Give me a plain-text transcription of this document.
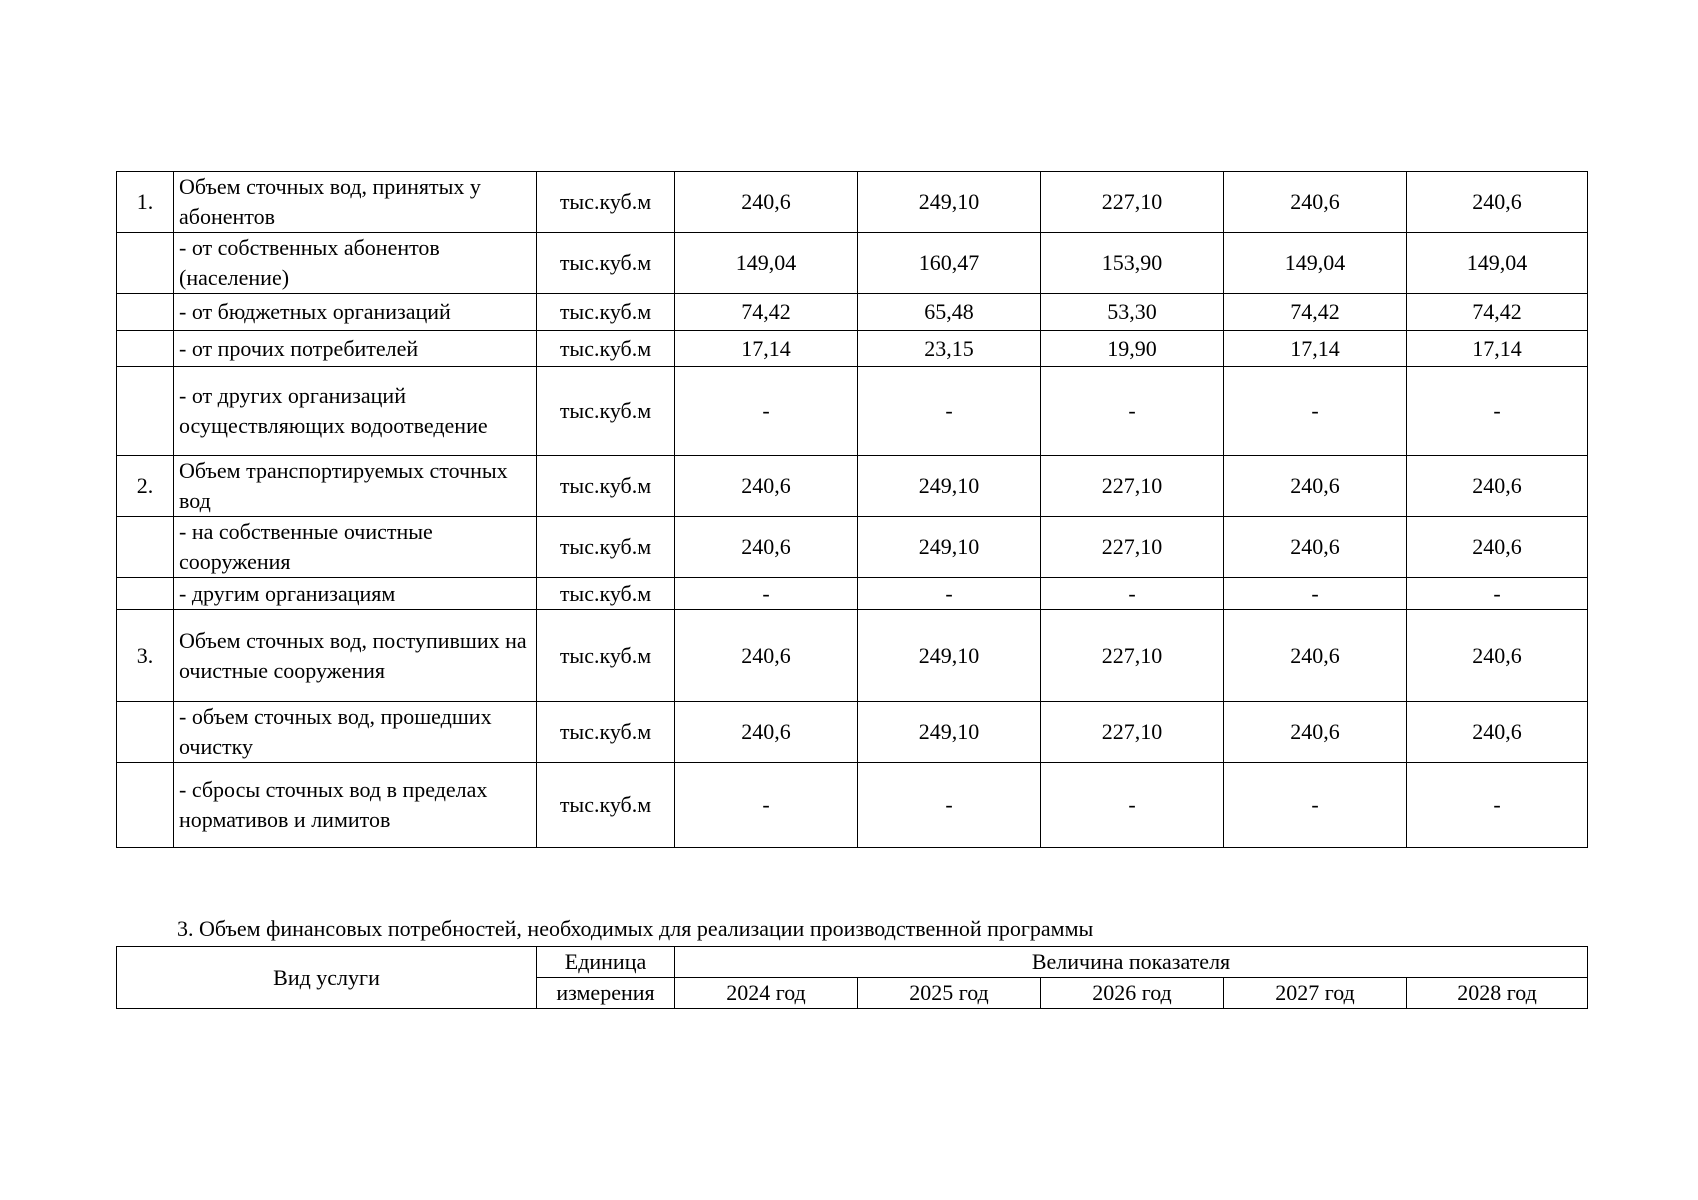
1.	Объем сточных вод, принятых у абонентов	тыс.куб.м	240,6	249,10	227,10	240,6	240,6
	- от собственных абонентов (население)	тыс.куб.м	149,04	160,47	153,90	149,04	149,04
	- от бюджетных организаций	тыс.куб.м	74,42	65,48	53,30	74,42	74,42
	- от прочих потребителей	тыс.куб.м	17,14	23,15	19,90	17,14	17,14
	- от других организаций осуществляющих водоотведение	тыс.куб.м	-	-	-	-	-
2.	Объем транспортируемых сточных вод	тыс.куб.м	240,6	249,10	227,10	240,6	240,6
	- на собственные очистные сооружения	тыс.куб.м	240,6	249,10	227,10	240,6	240,6
	- другим организациям	тыс.куб.м	-	-	-	-	-
3.	Объем сточных вод, поступивших на очистные сооружения	тыс.куб.м	240,6	249,10	227,10	240,6	240,6
	- объем сточных вод, прошедших очистку	тыс.куб.м	240,6	249,10	227,10	240,6	240,6
	- сбросы сточных вод в пределах нормативов и лимитов	тыс.куб.м	-	-	-	-	-
3. Объем финансовых потребностей, необходимых для реализации производственной программы
Вид услуги	Единица	Величина показателя				
	измерения	2024 год	2025 год	2026 год	2027 год	2028 год
